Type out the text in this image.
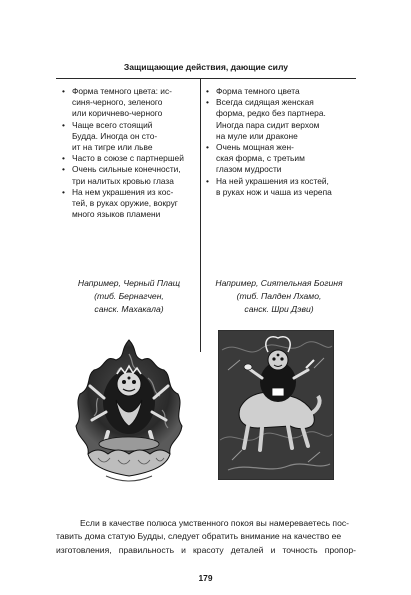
Защищающие действия, дающие силу
• Форма темного цвета: ис-
синя-черного, зеленого
или коричнево-черного
• Чаще всего стоящий
Будда. Иногда он сто-
ит на тигре или льве
• Часто в союзе с партнершей
• Очень сильные конечности,
три налитых кровью глаза
• На нем украшения из кос-
тей, в руках оружие, вокруг
много языков пламени
• Форма темного цвета
• Всегда сидящая женская
форма, редко без партнера.
Иногда пара сидит верхом
на муле или драконе
• Очень мощная жен-
ская форма, с третьим
глазом мудрости
• На ней украшения из костей,
в руках нож и чаша из черепа
Например, Черный Плащ
(тиб. Бернагчен,
санск. Махакала)
Например, Сиятельная Богиня
(тиб. Палден Лхамо,
санск. Шри Дэви)
Если в качестве полюса умственного покоя вы намереваетесь пос-
тавить дома статую Будды, следует обратить внимание на качество ее
изготовления, правильность и красоту деталей и точность пропор-
179
